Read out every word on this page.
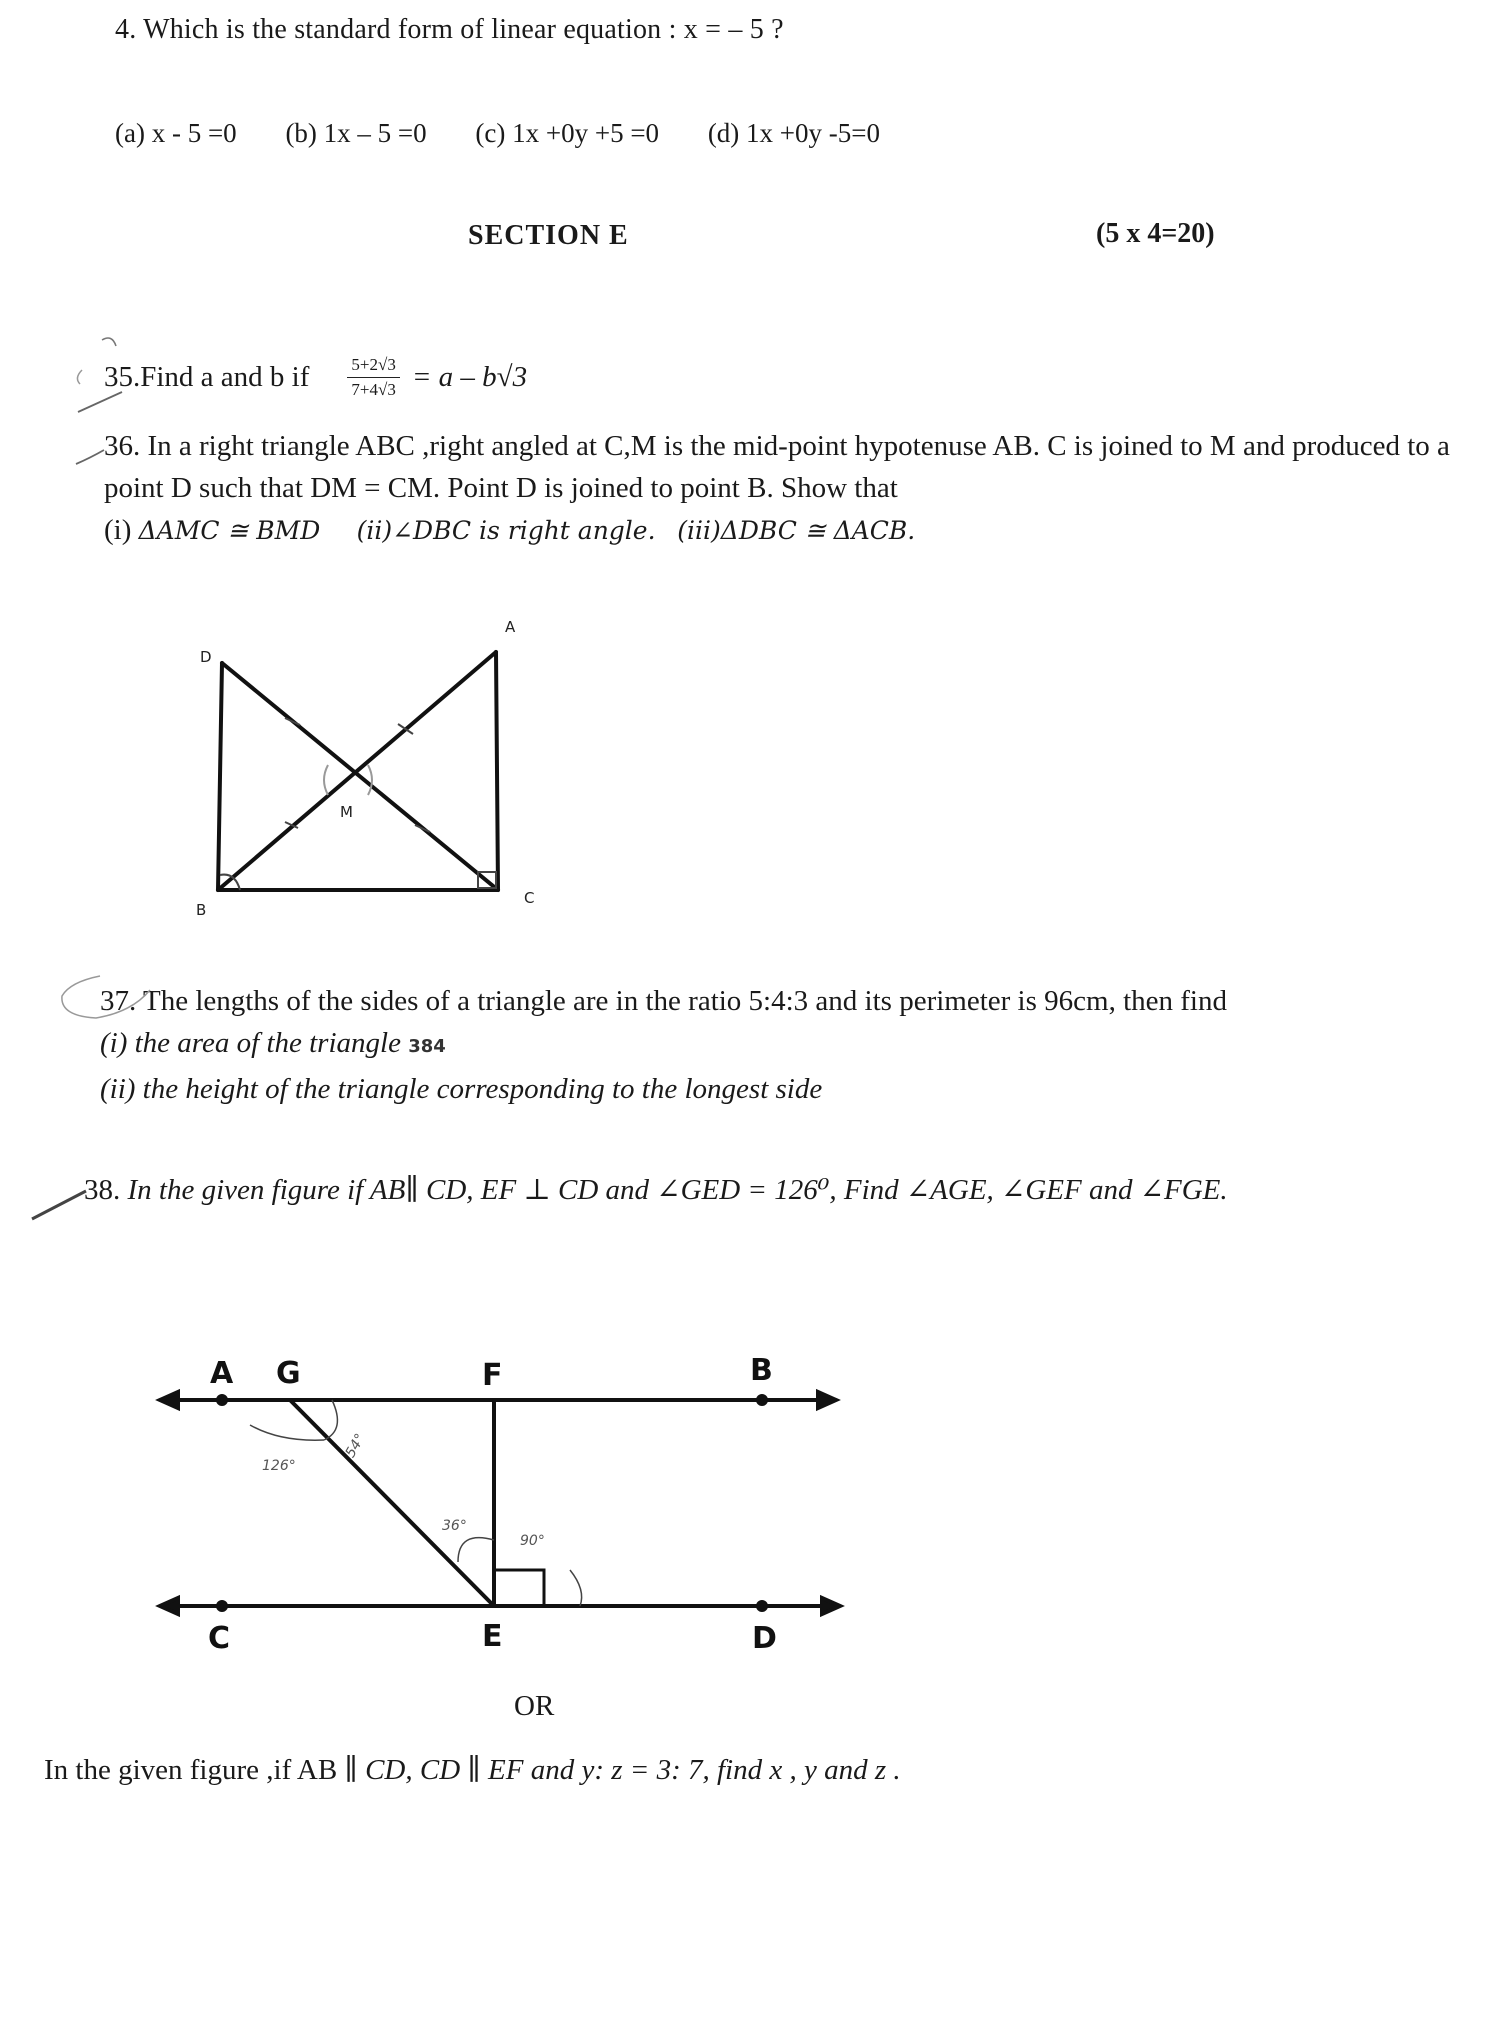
4. Which is the standard form of linear equation : x = – 5 ?
(a) x - 5 =0 (b) 1x – 5 =0 (c) 1x +0y +5 =0 (d) 1x +0y -5=0
SECTION E	(5 x 4=20)
35. Find a and b if $\frac{5+2√3}{7+4√3} = a - b√3$
36. In a right triangle ABC ,right angled at C,M is the mid-point hypotenuse AB. C is joined to M and produced to a point D such that DM = CM. Point D is joined to point B. Show that
(i) ΔAMC ≅ BMD (ii)∠DBC is right angle. (iii)ΔDBC ≅ ΔACB.
D
A
M
B
C
37. The lengths of the sides of a triangle are in the ratio 5:4:3 and its perimeter is 96cm, then find
(i) the area of the triangle 384
(ii) the height of the triangle corresponding to the longest side
38. In the given figure if AB∥ CD, EF ⊥ CD and ∠GED = 126⁰, Find ∠AGE, ∠GEF and ∠FGE.
A G	F	B
C	E	D
126°
54°
36°
90°
OR
In the given figure ,if AB ∥ CD, CD ∥ EF and y: z = 3: 7, find x , y and z .
